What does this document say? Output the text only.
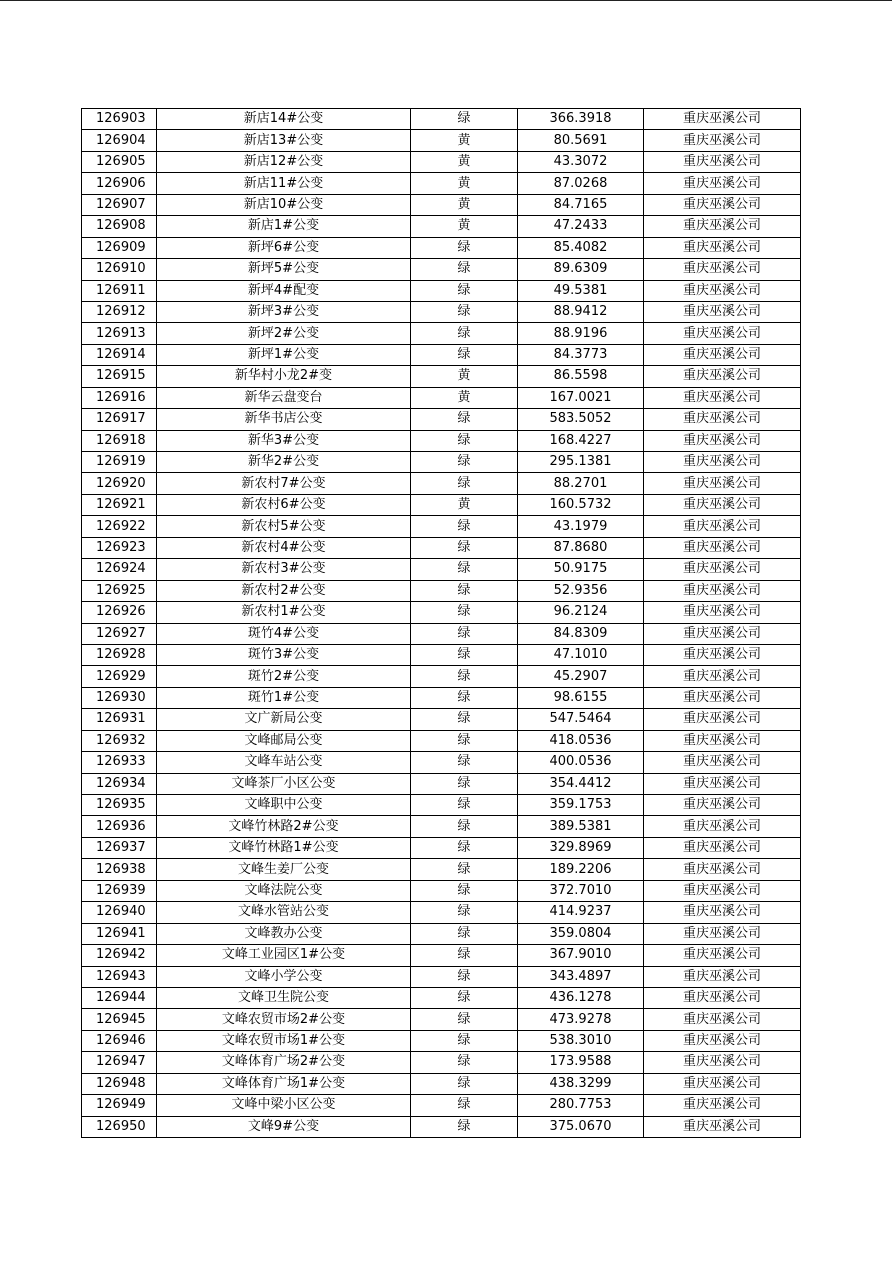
126903	新店14#公变	绿	366.3918	重庆巫溪公司
126904	新店13#公变	黄	80.5691	重庆巫溪公司
126905	新店12#公变	黄	43.3072	重庆巫溪公司
126906	新店11#公变	黄	87.0268	重庆巫溪公司
126907	新店10#公变	黄	84.7165	重庆巫溪公司
126908	新店1#公变	黄	47.2433	重庆巫溪公司
126909	新坪6#公变	绿	85.4082	重庆巫溪公司
126910	新坪5#公变	绿	89.6309	重庆巫溪公司
126911	新坪4#配变	绿	49.5381	重庆巫溪公司
126912	新坪3#公变	绿	88.9412	重庆巫溪公司
126913	新坪2#公变	绿	88.9196	重庆巫溪公司
126914	新坪1#公变	绿	84.3773	重庆巫溪公司
126915	新华村小龙2#变	黄	86.5598	重庆巫溪公司
126916	新华云盘变台	黄	167.0021	重庆巫溪公司
126917	新华书店公变	绿	583.5052	重庆巫溪公司
126918	新华3#公变	绿	168.4227	重庆巫溪公司
126919	新华2#公变	绿	295.1381	重庆巫溪公司
126920	新农村7#公变	绿	88.2701	重庆巫溪公司
126921	新农村6#公变	黄	160.5732	重庆巫溪公司
126922	新农村5#公变	绿	43.1979	重庆巫溪公司
126923	新农村4#公变	绿	87.8680	重庆巫溪公司
126924	新农村3#公变	绿	50.9175	重庆巫溪公司
126925	新农村2#公变	绿	52.9356	重庆巫溪公司
126926	新农村1#公变	绿	96.2124	重庆巫溪公司
126927	斑竹4#公变	绿	84.8309	重庆巫溪公司
126928	斑竹3#公变	绿	47.1010	重庆巫溪公司
126929	斑竹2#公变	绿	45.2907	重庆巫溪公司
126930	斑竹1#公变	绿	98.6155	重庆巫溪公司
126931	文广新局公变	绿	547.5464	重庆巫溪公司
126932	文峰邮局公变	绿	418.0536	重庆巫溪公司
126933	文峰车站公变	绿	400.0536	重庆巫溪公司
126934	文峰茶厂小区公变	绿	354.4412	重庆巫溪公司
126935	文峰职中公变	绿	359.1753	重庆巫溪公司
126936	文峰竹林路2#公变	绿	389.5381	重庆巫溪公司
126937	文峰竹林路1#公变	绿	329.8969	重庆巫溪公司
126938	文峰生姜厂公变	绿	189.2206	重庆巫溪公司
126939	文峰法院公变	绿	372.7010	重庆巫溪公司
126940	文峰水管站公变	绿	414.9237	重庆巫溪公司
126941	文峰教办公变	绿	359.0804	重庆巫溪公司
126942	文峰工业园区1#公变	绿	367.9010	重庆巫溪公司
126943	文峰小学公变	绿	343.4897	重庆巫溪公司
126944	文峰卫生院公变	绿	436.1278	重庆巫溪公司
126945	文峰农贸市场2#公变	绿	473.9278	重庆巫溪公司
126946	文峰农贸市场1#公变	绿	538.3010	重庆巫溪公司
126947	文峰体育广场2#公变	绿	173.9588	重庆巫溪公司
126948	文峰体育广场1#公变	绿	438.3299	重庆巫溪公司
126949	文峰中梁小区公变	绿	280.7753	重庆巫溪公司
126950	文峰9#公变	绿	375.0670	重庆巫溪公司
